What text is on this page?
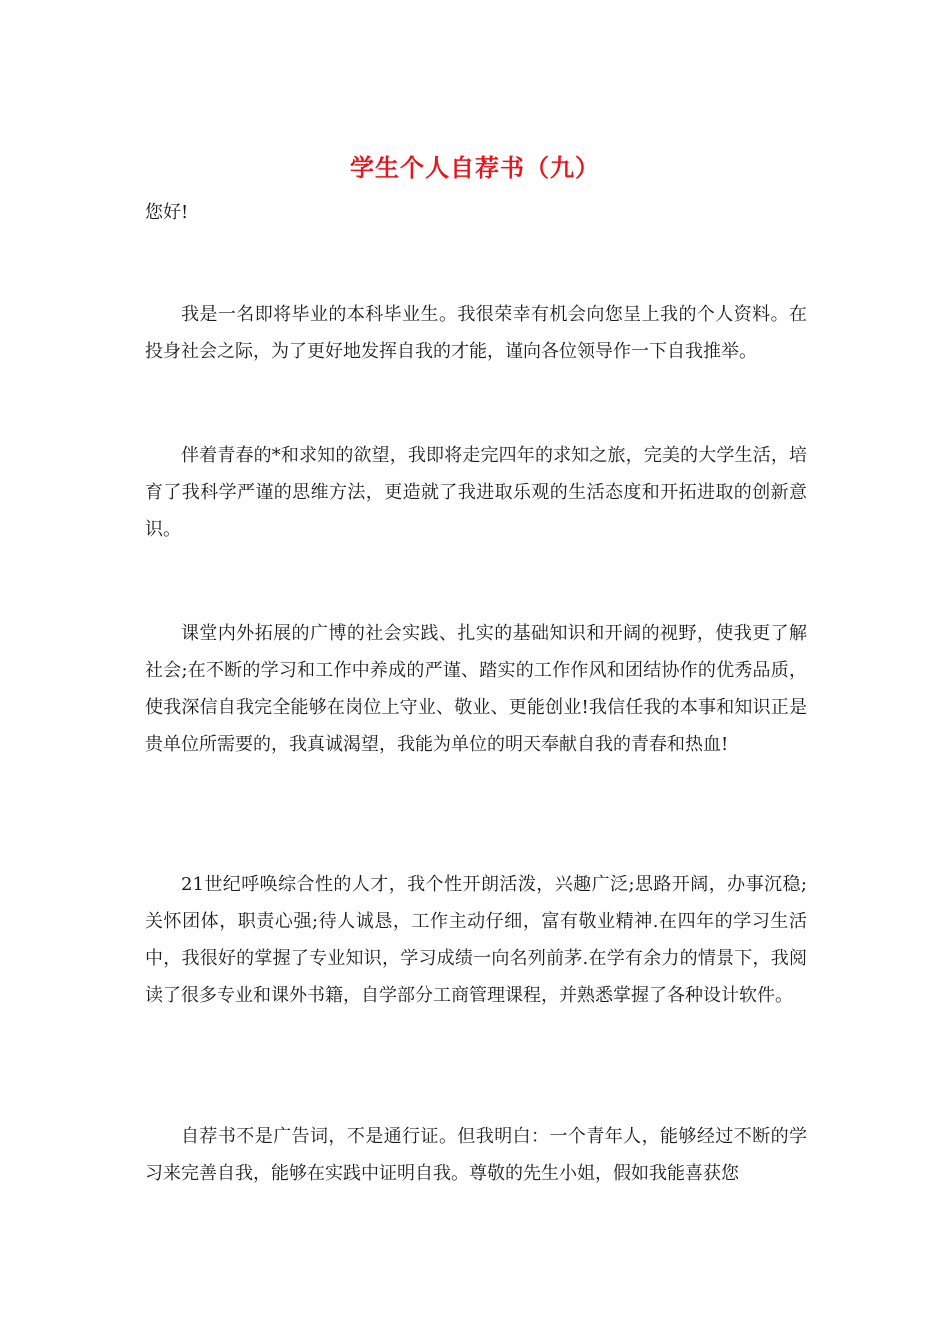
学生个人自荐书（九）

您好!

我是一名即将毕业的本科毕业生。我很荣幸有机会向您呈上我的个人资料。在投身社会之际，为了更好地发挥自我的才能，谨向各位领导作一下自我推举。

伴着青春的*和求知的欲望，我即将走完四年的求知之旅，完美的大学生活，培育了我科学严谨的思维方法，更造就了我进取乐观的生活态度和开拓进取的创新意识。

课堂内外拓展的广博的社会实践、扎实的基础知识和开阔的视野，使我更了解社会;在不断的学习和工作中养成的严谨、踏实的工作作风和团结协作的优秀品质，使我深信自我完全能够在岗位上守业、敬业、更能创业!我信任我的本事和知识正是贵单位所需要的，我真诚渴望，我能为单位的明天奉献自我的青春和热血!

21世纪呼唤综合性的人才，我个性开朗活泼，兴趣广泛;思路开阔，办事沉稳;关怀团体，职责心强;待人诚恳，工作主动仔细，富有敬业精神.在四年的学习生活中，我很好的掌握了专业知识，学习成绩一向名列前茅.在学有余力的情景下，我阅读了很多专业和课外书籍，自学部分工商管理课程，并熟悉掌握了各种设计软件。

自荐书不是广告词，不是通行证。但我明白：一个青年人，能够经过不断的学习来完善自我，能够在实践中证明自我。尊敬的先生小姐，假如我能喜获您
